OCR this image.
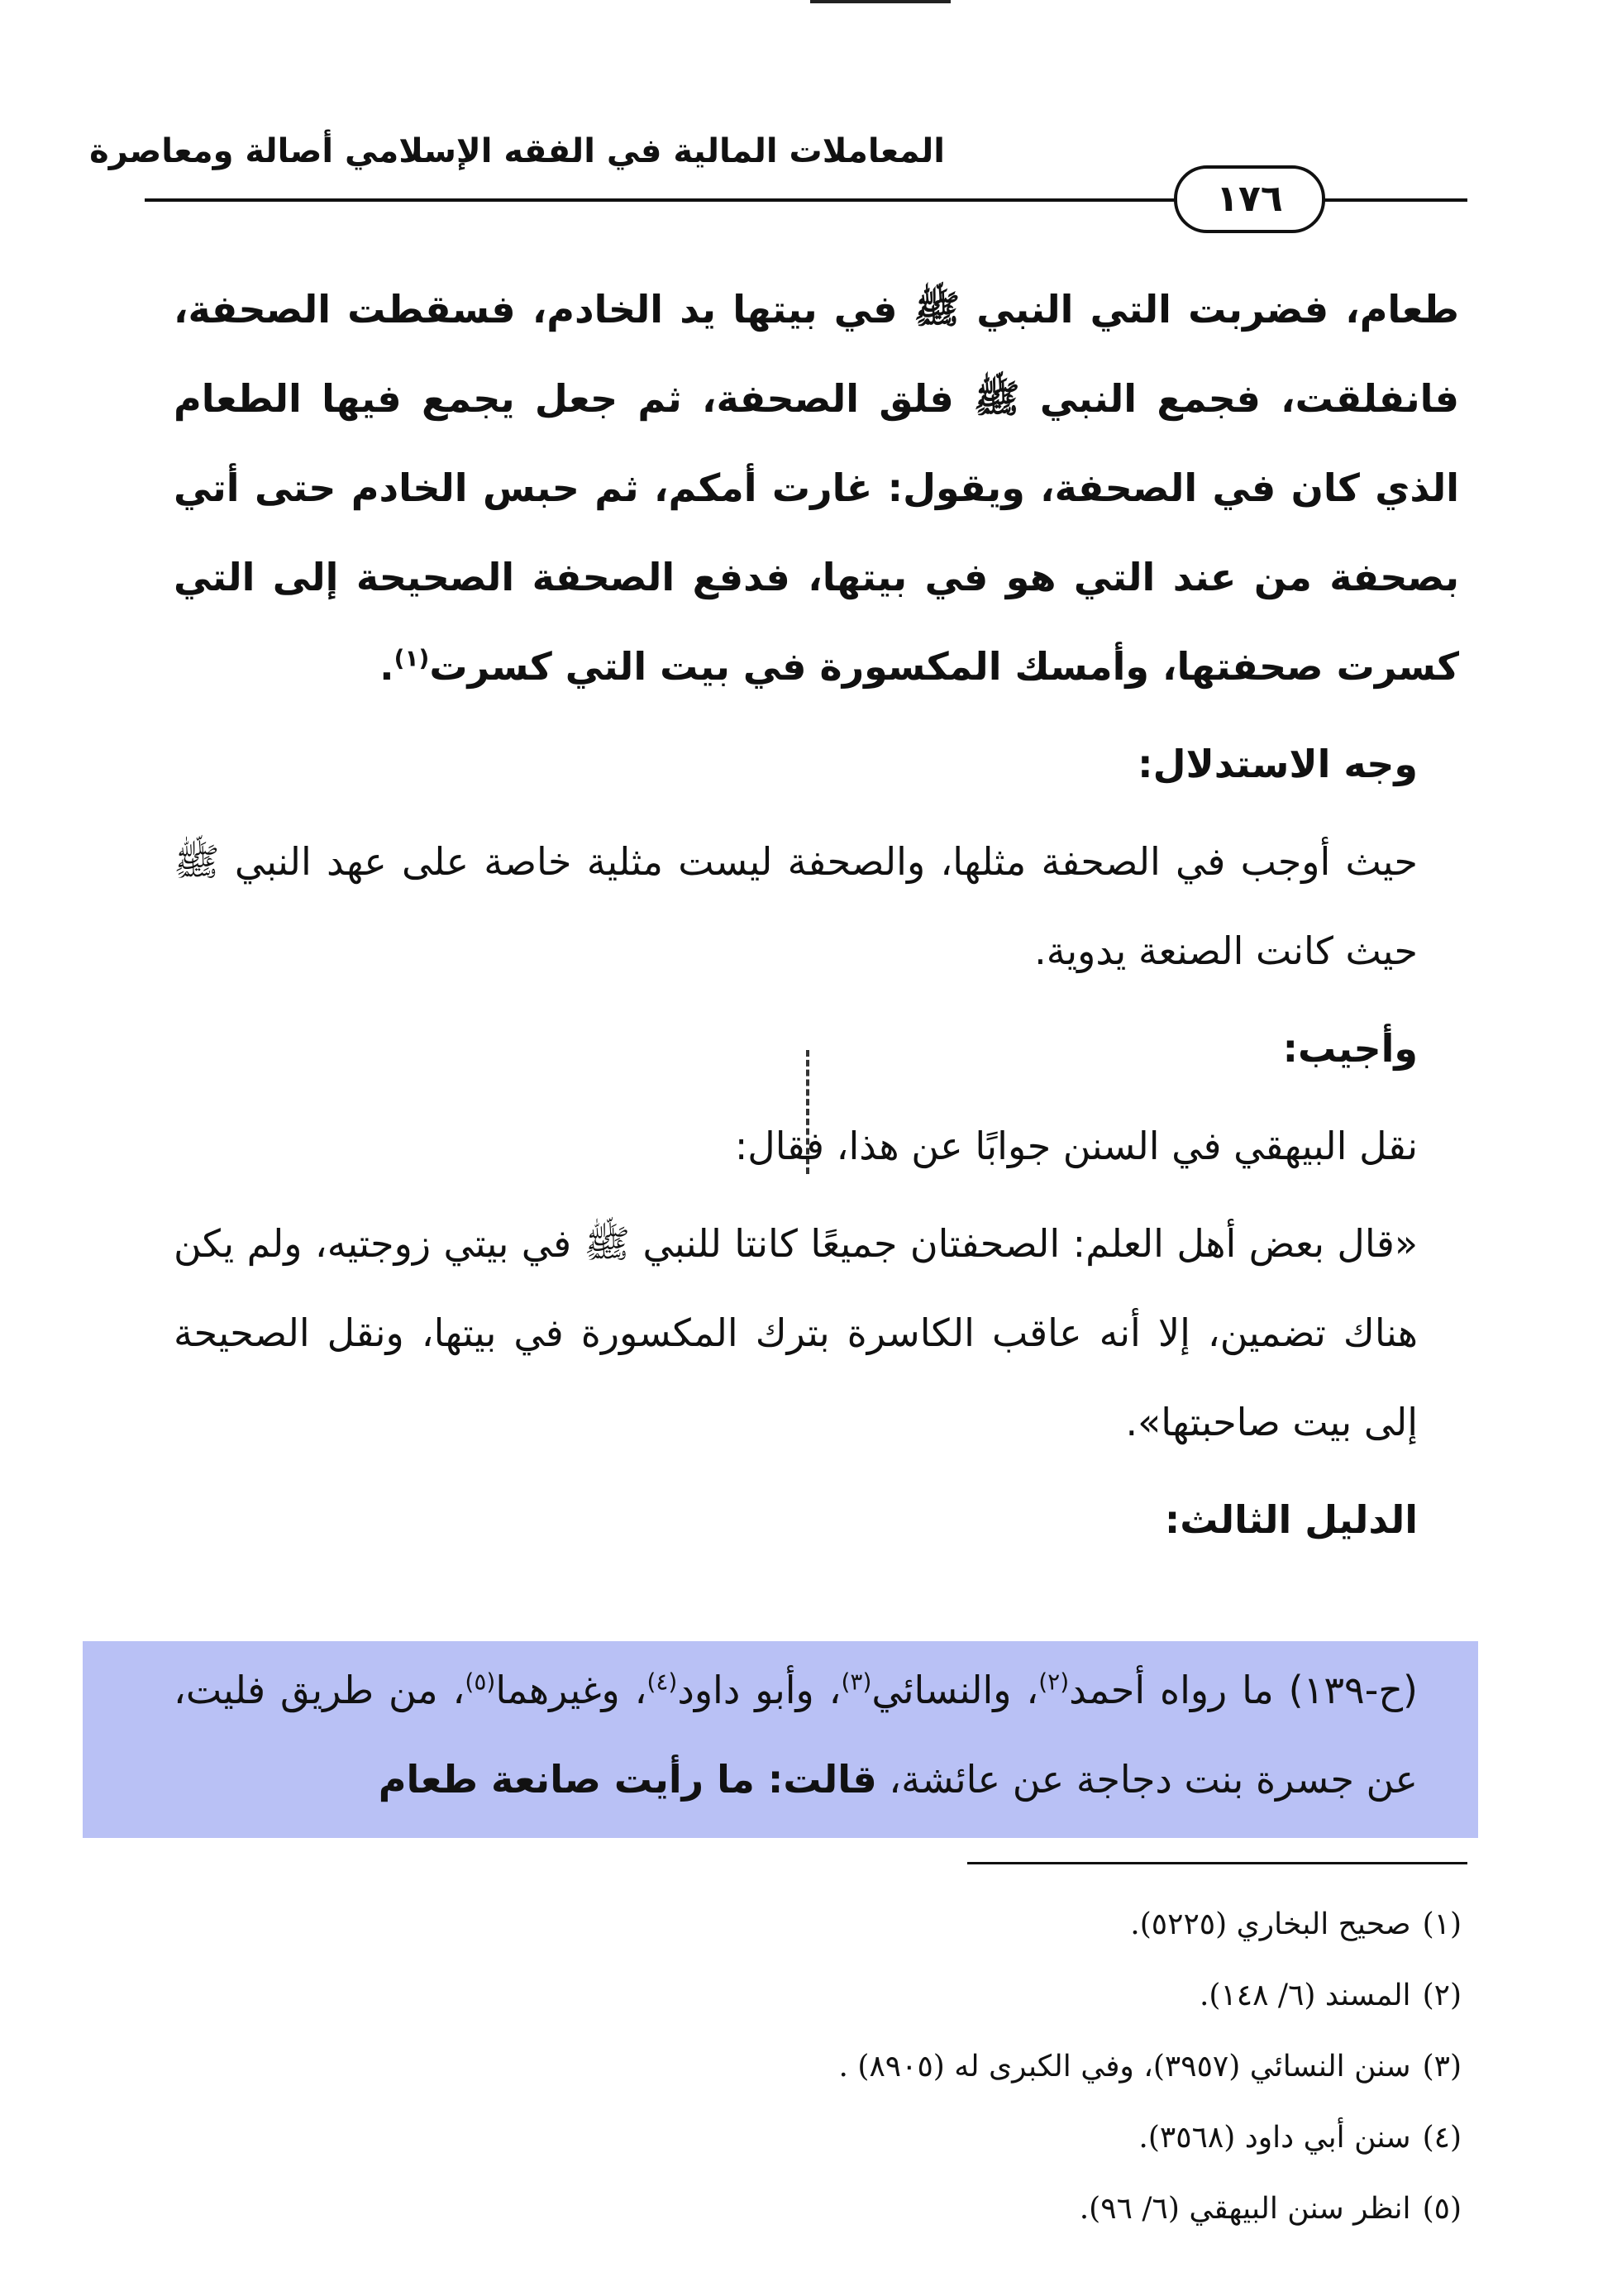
المعاملات المالية في الفقه الإسلامي أصالة ومعاصرة
١٧٦

طعام، فضربت التي النبي ﷺ في بيتها يد الخادم، فسقطت الصحفة، فانفلقت، فجمع النبي ﷺ فلق الصحفة، ثم جعل يجمع فيها الطعام الذي كان في الصحفة، ويقول: غارت أمكم، ثم حبس الخادم حتى أتي بصحفة من عند التي هو في بيتها، فدفع الصحفة الصحيحة إلى التي كسرت صحفتها، وأمسك المكسورة في بيت التي كسرت$^{(١)}$.

وجه الاستدلال:

حيث أوجب في الصحفة مثلها، والصحفة ليست مثلية خاصة على عهد النبي ﷺ حيث كانت الصنعة يدوية.

وأجيب:

نقل البيهقي في السنن جوابًا عن هذا، فقال:

«قال بعض أهل العلم: الصحفتان جميعًا كانتا للنبي ﷺ في بيتي زوجتيه، ولم يكن هناك تضمين، إلا أنه عاقب الكاسرة بترك المكسورة في بيتها، ونقل الصحيحة إلى بيت صاحبتها».

الدليل الثالث:

(ح-١٣٩) ما رواه أحمد$^{(٢)}$، والنسائي$^{(٣)}$، وأبو داود$^{(٤)}$، وغيرهما$^{(٥)}$، من طريق فليت، عن جسرة بنت دجاجة عن عائشة، قالت: ما رأيت صانعة طعام

(١)صحيح البخاري (٥٢٢٥).

(٢)المسند (٦/ ١٤٨).

(٣)سنن النسائي (٣٩٥٧)، وفي الكبرى له (٨٩٠٥) .

(٤)سنن أبي داود (٣٥٦٨).

(٥)انظر سنن البيهقي (٦/ ٩٦).
